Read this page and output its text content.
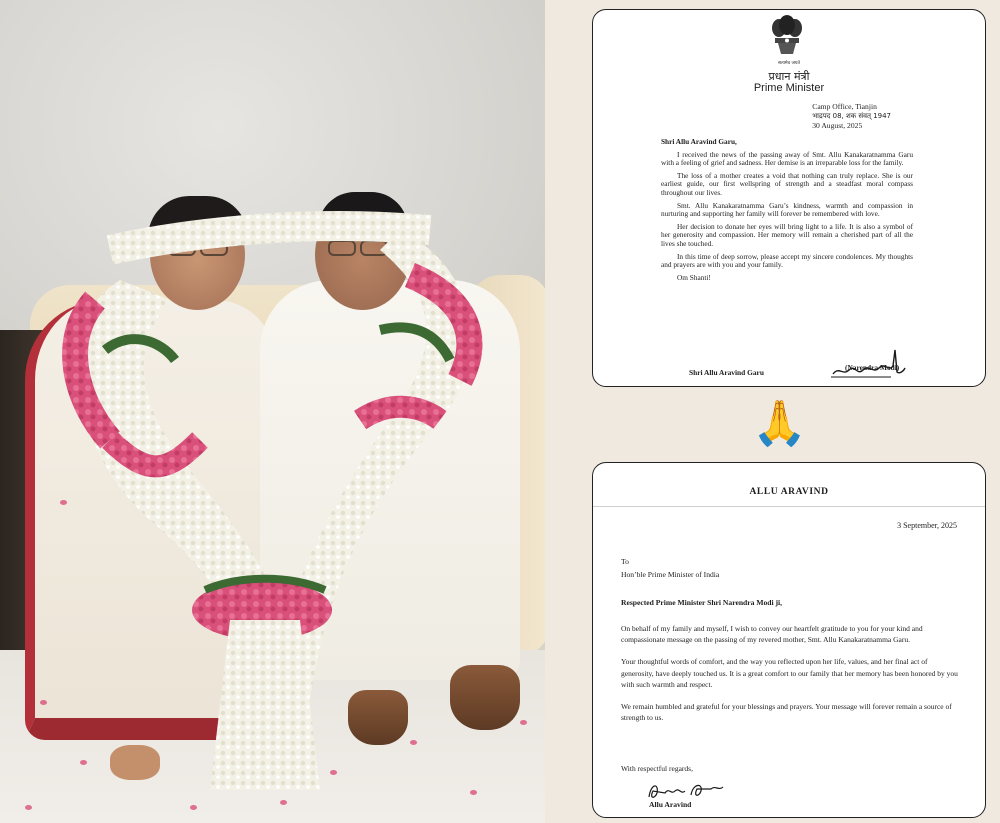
सत्यमेव जयते
प्रधान मंत्री
Prime Minister
Camp Office, Tianjin
भाद्रपद 08, शक संवत् 1947
30 August, 2025
Shri Allu Aravind Garu,

I received the news of the passing away of Smt. Allu Kanakaratnamma Garu with a feeling of grief and sadness. Her demise is an irreparable loss for the family.

The loss of a mother creates a void that nothing can truly replace. She is our earliest guide, our first wellspring of strength and a steadfast moral compass throughout our lives.

Smt. Allu Kanakaratnamma Garu’s kindness, warmth and compassion in nurturing and supporting her family will forever be remembered with love.

Her decision to donate her eyes will bring light to a life. It is also a symbol of her generosity and compassion. Her memory will remain a cherished part of all the lives she touched.

In this time of deep sorrow, please accept my sincere condolences. My thoughts and prayers are with you and your family.

Om Shanti!

(Narendra Modi)
Shri Allu Aravind Garu
🙏
ALLU ARAVIND
3 September, 2025
To
Hon’ble Prime Minister of India
Respected Prime Minister Shri Narendra Modi ji,

On behalf of my family and myself, I wish to convey our heartfelt gratitude to you for your kind and compassionate message on the passing of my revered mother, Smt. Allu Kanakaratnamma Garu.

Your thoughtful words of comfort, and the way you reflected upon her life, values, and her final act of generosity, have deeply touched us. It is a great comfort to our family that her memory has been honored by you with such warmth and respect.

We remain humbled and grateful for your blessings and prayers. Your message will forever remain a source of strength to us.

With respectful regards,
Allu Aravind
